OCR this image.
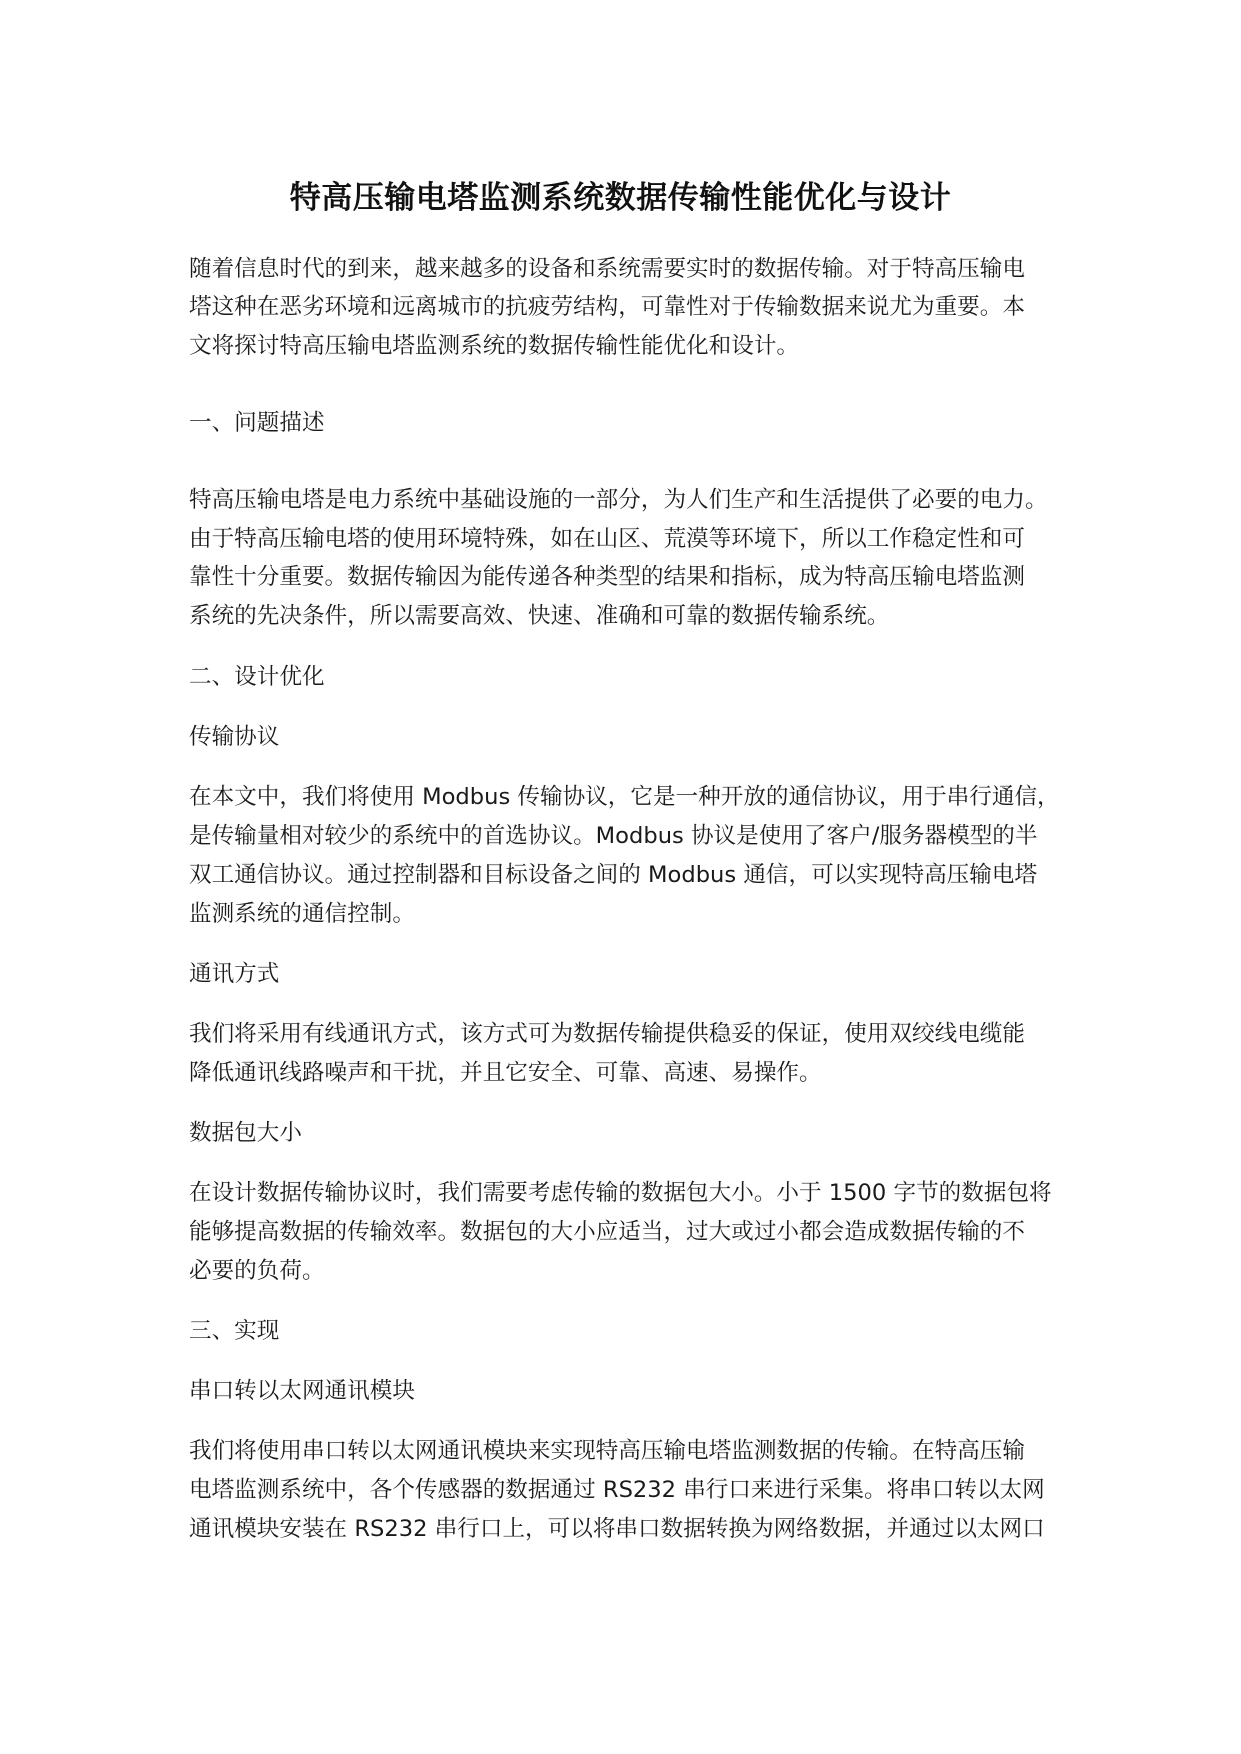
特高压输电塔监测系统数据传输性能优化与设计
随着信息时代的到来，越来越多的设备和系统需要实时的数据传输。对于特高压输电
塔这种在恶劣环境和远离城市的抗疲劳结构，可靠性对于传输数据来说尤为重要。本
文将探讨特高压输电塔监测系统的数据传输性能优化和设计。
一、问题描述
特高压输电塔是电力系统中基础设施的一部分，为人们生产和生活提供了必要的电力。
由于特高压输电塔的使用环境特殊，如在山区、荒漠等环境下，所以工作稳定性和可
靠性十分重要。数据传输因为能传递各种类型的结果和指标，成为特高压输电塔监测
系统的先决条件，所以需要高效、快速、准确和可靠的数据传输系统。
二、设计优化
传输协议
在本文中，我们将使用 Modbus 传输协议，它是一种开放的通信协议，用于串行通信，
是传输量相对较少的系统中的首选协议。Modbus 协议是使用了客户/服务器模型的半
双工通信协议。通过控制器和目标设备之间的 Modbus 通信，可以实现特高压输电塔
监测系统的通信控制。
通讯方式
我们将采用有线通讯方式，该方式可为数据传输提供稳妥的保证，使用双绞线电缆能
降低通讯线路噪声和干扰，并且它安全、可靠、高速、易操作。
数据包大小
在设计数据传输协议时，我们需要考虑传输的数据包大小。小于 1500 字节的数据包将
能够提高数据的传输效率。数据包的大小应适当，过大或过小都会造成数据传输的不
必要的负荷。
三、实现
串口转以太网通讯模块
我们将使用串口转以太网通讯模块来实现特高压输电塔监测数据的传输。在特高压输
电塔监测系统中，各个传感器的数据通过 RS232 串行口来进行采集。将串口转以太网
通讯模块安装在 RS232 串行口上，可以将串口数据转换为网络数据，并通过以太网口
